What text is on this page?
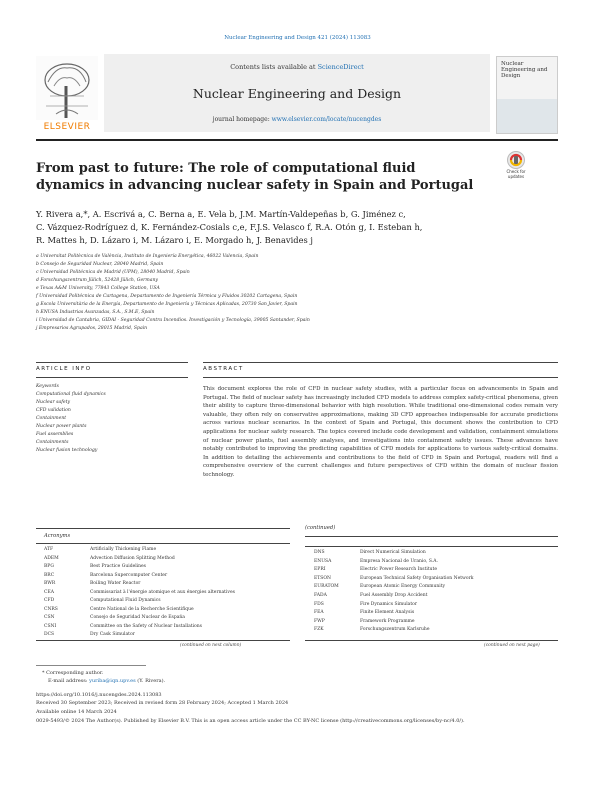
Nuclear Engineering and Design 421 (2024) 113083
ELSEVIER
Contents lists available at ScienceDirect
Nuclear Engineering and Design
journal homepage: www.elsevier.com/locate/nucengdes
Nuclear Engineering and Design
From past to future: The role of computational fluid dynamics in advancing nuclear safety in Spain and Portugal
Check for updates
Y. Rivera a,*, A. Escrivá a, C. Berna a, E. Vela b, J.M. Martín-Valdepeñas b, G. Jiménez c,
C. Vázquez-Rodríguez d, K. Fernández-Cosials c,e, F.J.S. Velasco f, R.A. Otón g, I. Esteban h,
R. Mattes h, D. Lázaro i, M. Lázaro i, E. Morgado h, J. Benavides j
a Universitat Politècnica de València, Instituto de Ingeniería Energética, 46022 Valencia, Spain
b Consejo de Seguridad Nuclear, 28040 Madrid, Spain
c Universidad Politécnica de Madrid (UPM), 28040 Madrid, Spain
d Forschungszentrum Jülich, 52428 Jülich, Germany
e Texas A&M University, 77843 College Station, USA
f Universidad Politécnica de Cartagena, Departamento de Ingeniería Térmica y Fluidos 30202 Cartagena, Spain
g Escola Universitària de la Energía, Departamento de Ingeniería y Técnicas Aplicadas, 20730 San Javier, Spain
h ENUSA Industrias Avanzadas, S.A., S.M.E, Spain
i Universidad de Cantabria, GIDAI - Seguridad Contra Incendios. Investigación y Tecnología, 39005 Santander, Spain
j Empresarios Agrupados, 28015 Madrid, Spain
ARTICLE INFO	ABSTRACT
Keywords
Computational fluid dynamics
Nuclear safety
CFD validation
Containment
Nuclear power plants
Fuel assemblies
Containments
Nuclear fusion technology
This document explores the role of CFD in nuclear safety studies, with a particular focus on advancements in Spain and Portugal. The field of nuclear safety has increasingly included CFD models to address complex safety-critical phenomena, given their ability to capture three-dimensional behavior with high resolution. While traditional one-dimensional codes remain very valuable, they often rely on conservative approximations, making 3D CFD approaches indispensable for accurate predictions across various nuclear scenarios. In the context of Spain and Portugal, this document shows the contribution to CFD applications for nuclear safety research. The topics covered include code development and validation, containment simulations of nuclear power plants, fuel assembly analyses, and investigations into containment safety issues. These advances have notably contributed to improving the predicting capabilities of CFD models for applications to various safety-critical domains. In addition to detailing the achievements and contributions to the field of CFD in Spain and Portugal, readers will find a comprehensive overview of the current challenges and future perspectives of CFD within the domain of nuclear fission technology.
Acronyms
ATF	Artificially Thickening Flame
ADEM	Advection Diffusion Splitting Method
BPG	Best Practice Guidelines
BRC	Barcelona Supercomputer Center
BWR	Boiling Water Reactor
CEA	Commissariat à l'énergie atomique et aux énergies alternatives
CFD	Computational Fluid Dynamics
CNRS	Centre National de la Recherche Scientifique
CSN	Consejo de Seguridad Nuclear de España
CSNI	Committee on the Safety of Nuclear Installations
DCS	Dry Cask Simulator
(continued on next column)
(continued)
DNS	Direct Numerical Simulation
ENUSA	Empresa Nacional de Uranio, S.A.
EPRI	Electric Power Research Institute
ETSON	European Technical Safety Organisation Network
EURATOM	European Atomic Energy Community
FADA	Fuel Assembly Drop Accident
FDS	Fire Dynamics Simulator
FEA	Finite Element Analysis
FWP	Framework Programme
FZK	Forschungszentrum Karlsruhe
(continued on next page)
* Corresponding author.
E-mail address: yuriba@iqn.upv.es (Y. Rivera).
https://doi.org/10.1016/j.nucengdes.2024.113083
Received 30 September 2023; Received in revised form 28 February 2024; Accepted 1 March 2024
Available online 14 March 2024
0029-5493/© 2024 The Author(s). Published by Elsevier B.V. This is an open access article under the CC BY-NC license (http://creativecommons.org/licenses/by-nc/4.0/).
